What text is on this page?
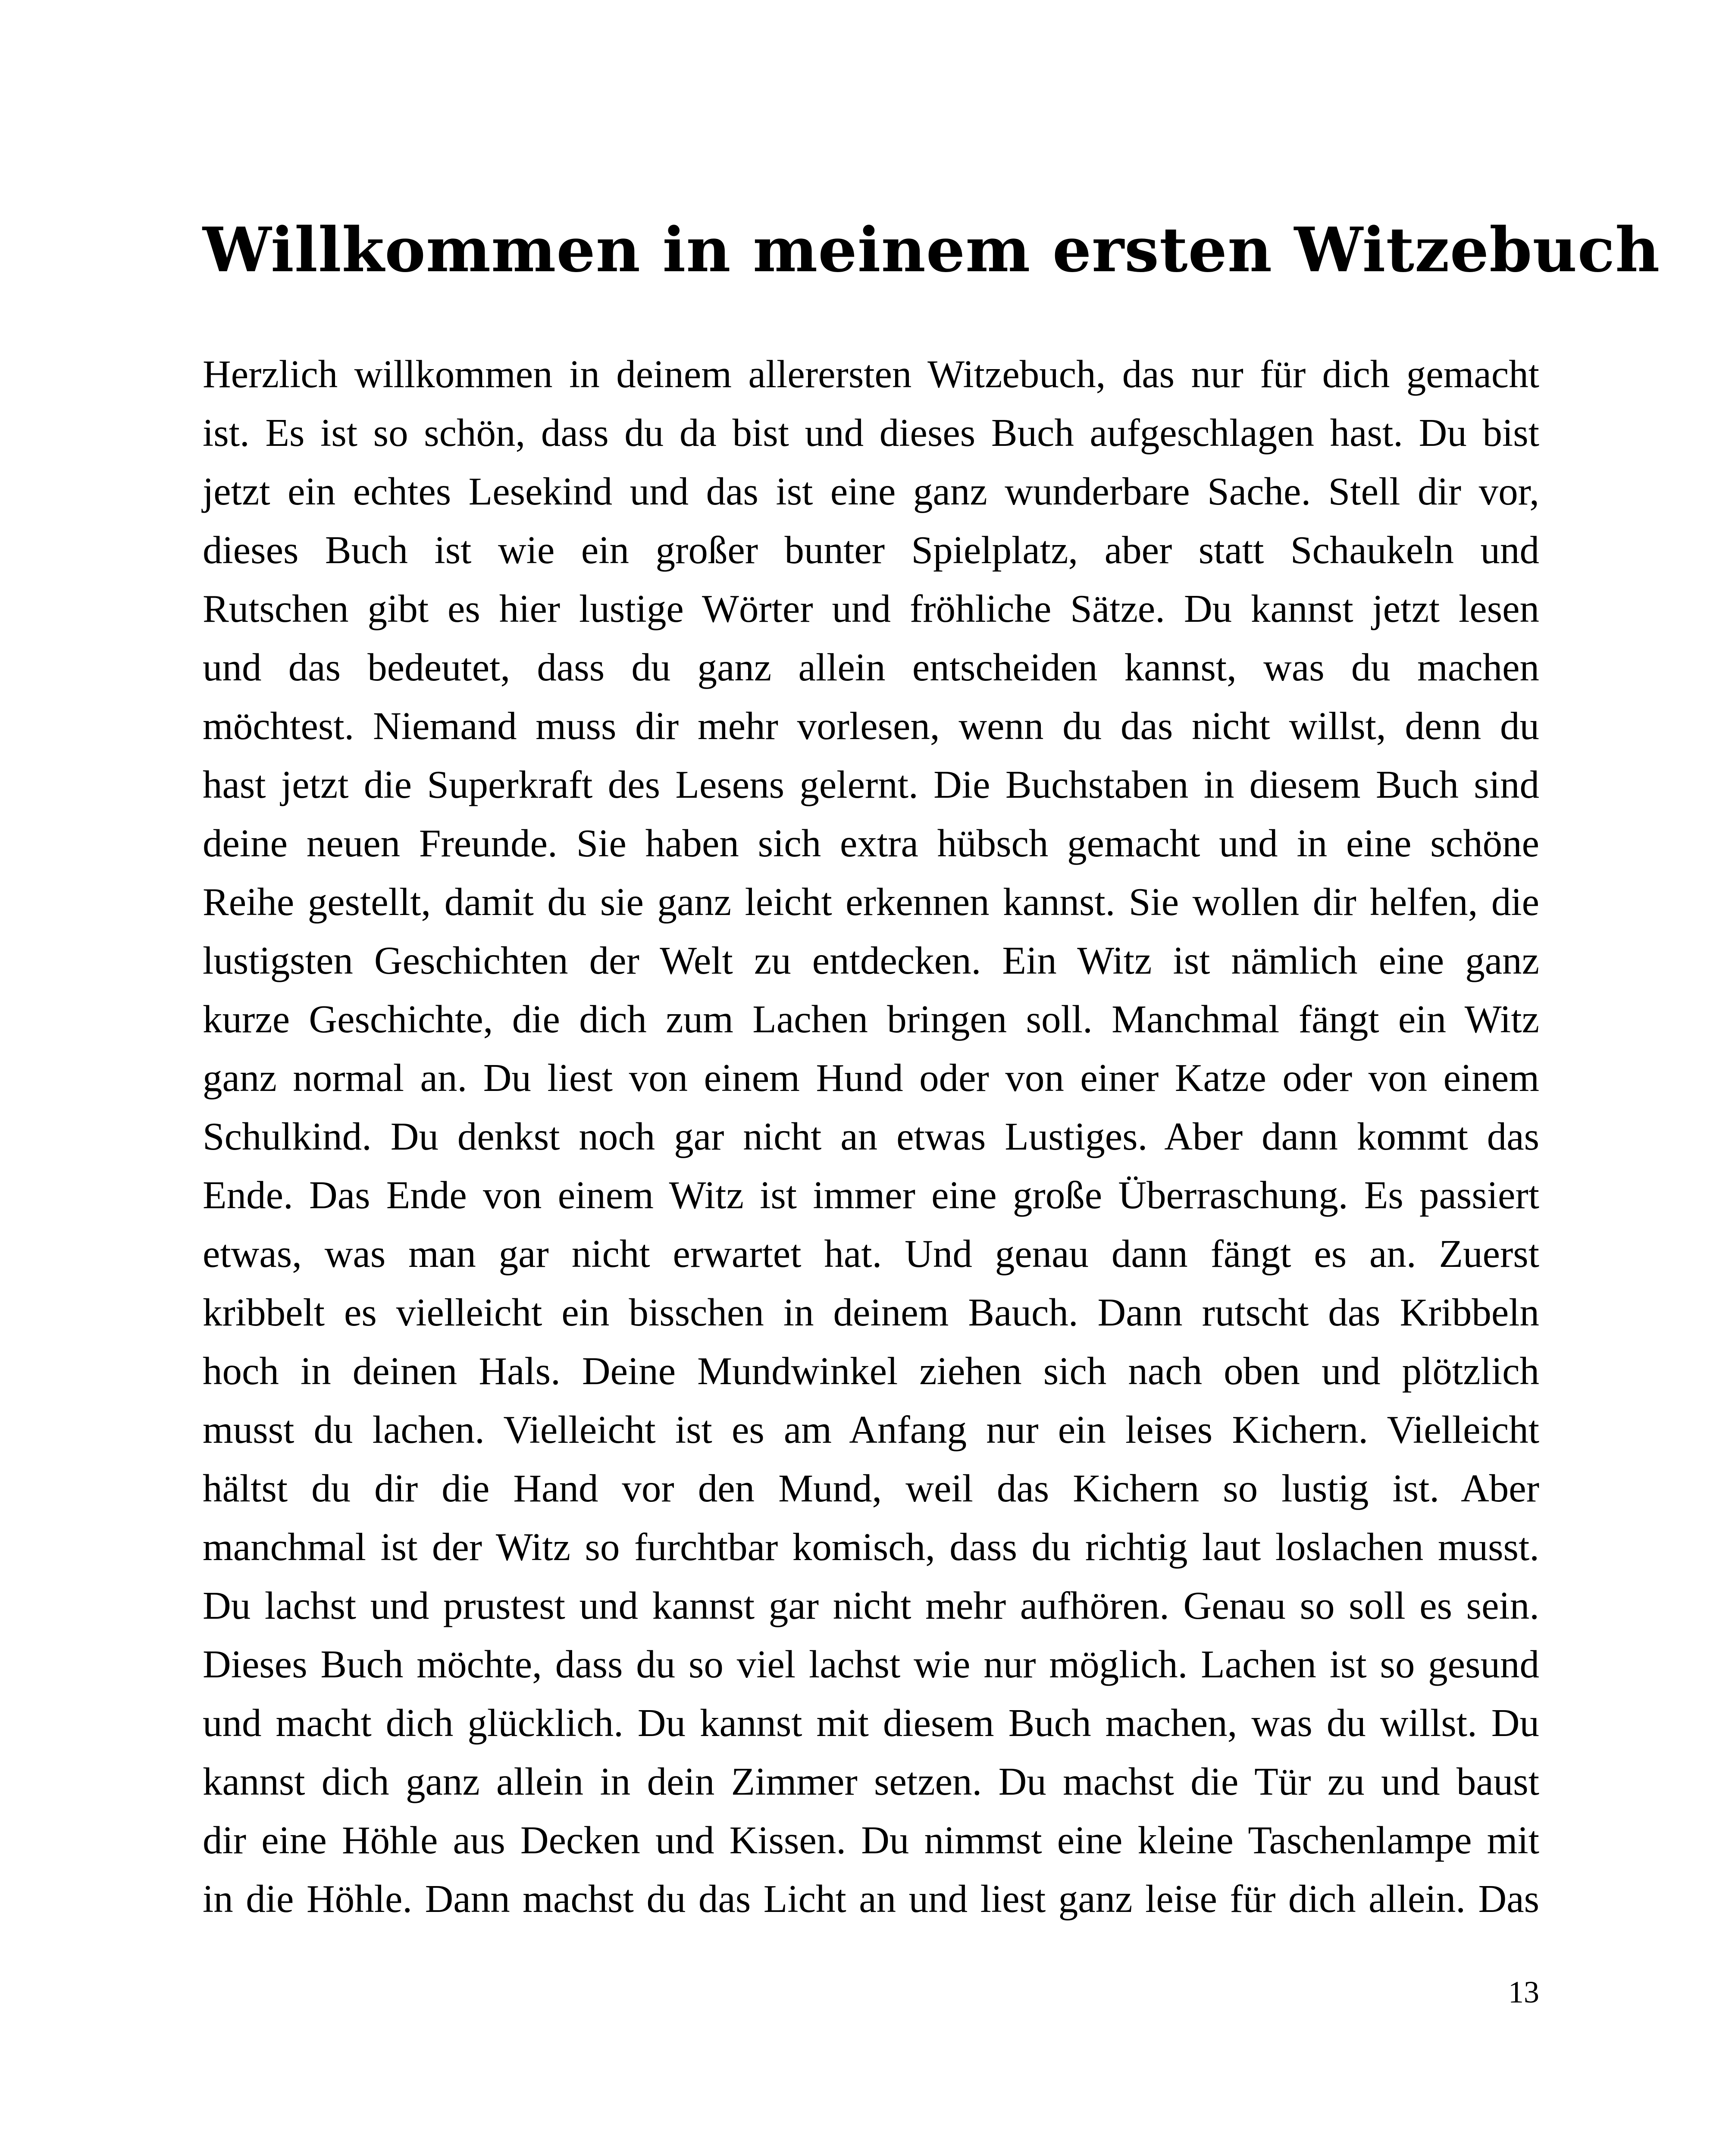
Willkommen in meinem ersten Witzebuch
Herzlich willkommen in deinem allerersten Witzebuch, das nur für dich gemacht
ist. Es ist so schön, dass du da bist und dieses Buch aufgeschlagen hast. Du bist
jetzt ein echtes Lesekind und das ist eine ganz wunderbare Sache. Stell dir vor,
dieses Buch ist wie ein großer bunter Spielplatz, aber statt Schaukeln und
Rutschen gibt es hier lustige Wörter und fröhliche Sätze. Du kannst jetzt lesen
und das bedeutet, dass du ganz allein entscheiden kannst, was du machen
möchtest. Niemand muss dir mehr vorlesen, wenn du das nicht willst, denn du
hast jetzt die Superkraft des Lesens gelernt. Die Buchstaben in diesem Buch sind
deine neuen Freunde. Sie haben sich extra hübsch gemacht und in eine schöne
Reihe gestellt, damit du sie ganz leicht erkennen kannst. Sie wollen dir helfen, die
lustigsten Geschichten der Welt zu entdecken. Ein Witz ist nämlich eine ganz
kurze Geschichte, die dich zum Lachen bringen soll. Manchmal fängt ein Witz
ganz normal an. Du liest von einem Hund oder von einer Katze oder von einem
Schulkind. Du denkst noch gar nicht an etwas Lustiges. Aber dann kommt das
Ende. Das Ende von einem Witz ist immer eine große Überraschung. Es passiert
etwas, was man gar nicht erwartet hat. Und genau dann fängt es an. Zuerst
kribbelt es vielleicht ein bisschen in deinem Bauch. Dann rutscht das Kribbeln
hoch in deinen Hals. Deine Mundwinkel ziehen sich nach oben und plötzlich
musst du lachen. Vielleicht ist es am Anfang nur ein leises Kichern. Vielleicht
hältst du dir die Hand vor den Mund, weil das Kichern so lustig ist. Aber
manchmal ist der Witz so furchtbar komisch, dass du richtig laut loslachen musst.
Du lachst und prustest und kannst gar nicht mehr aufhören. Genau so soll es sein.
Dieses Buch möchte, dass du so viel lachst wie nur möglich. Lachen ist so gesund
und macht dich glücklich. Du kannst mit diesem Buch machen, was du willst. Du
kannst dich ganz allein in dein Zimmer setzen. Du machst die Tür zu und baust
dir eine Höhle aus Decken und Kissen. Du nimmst eine kleine Taschenlampe mit
in die Höhle. Dann machst du das Licht an und liest ganz leise für dich allein. Das

13
